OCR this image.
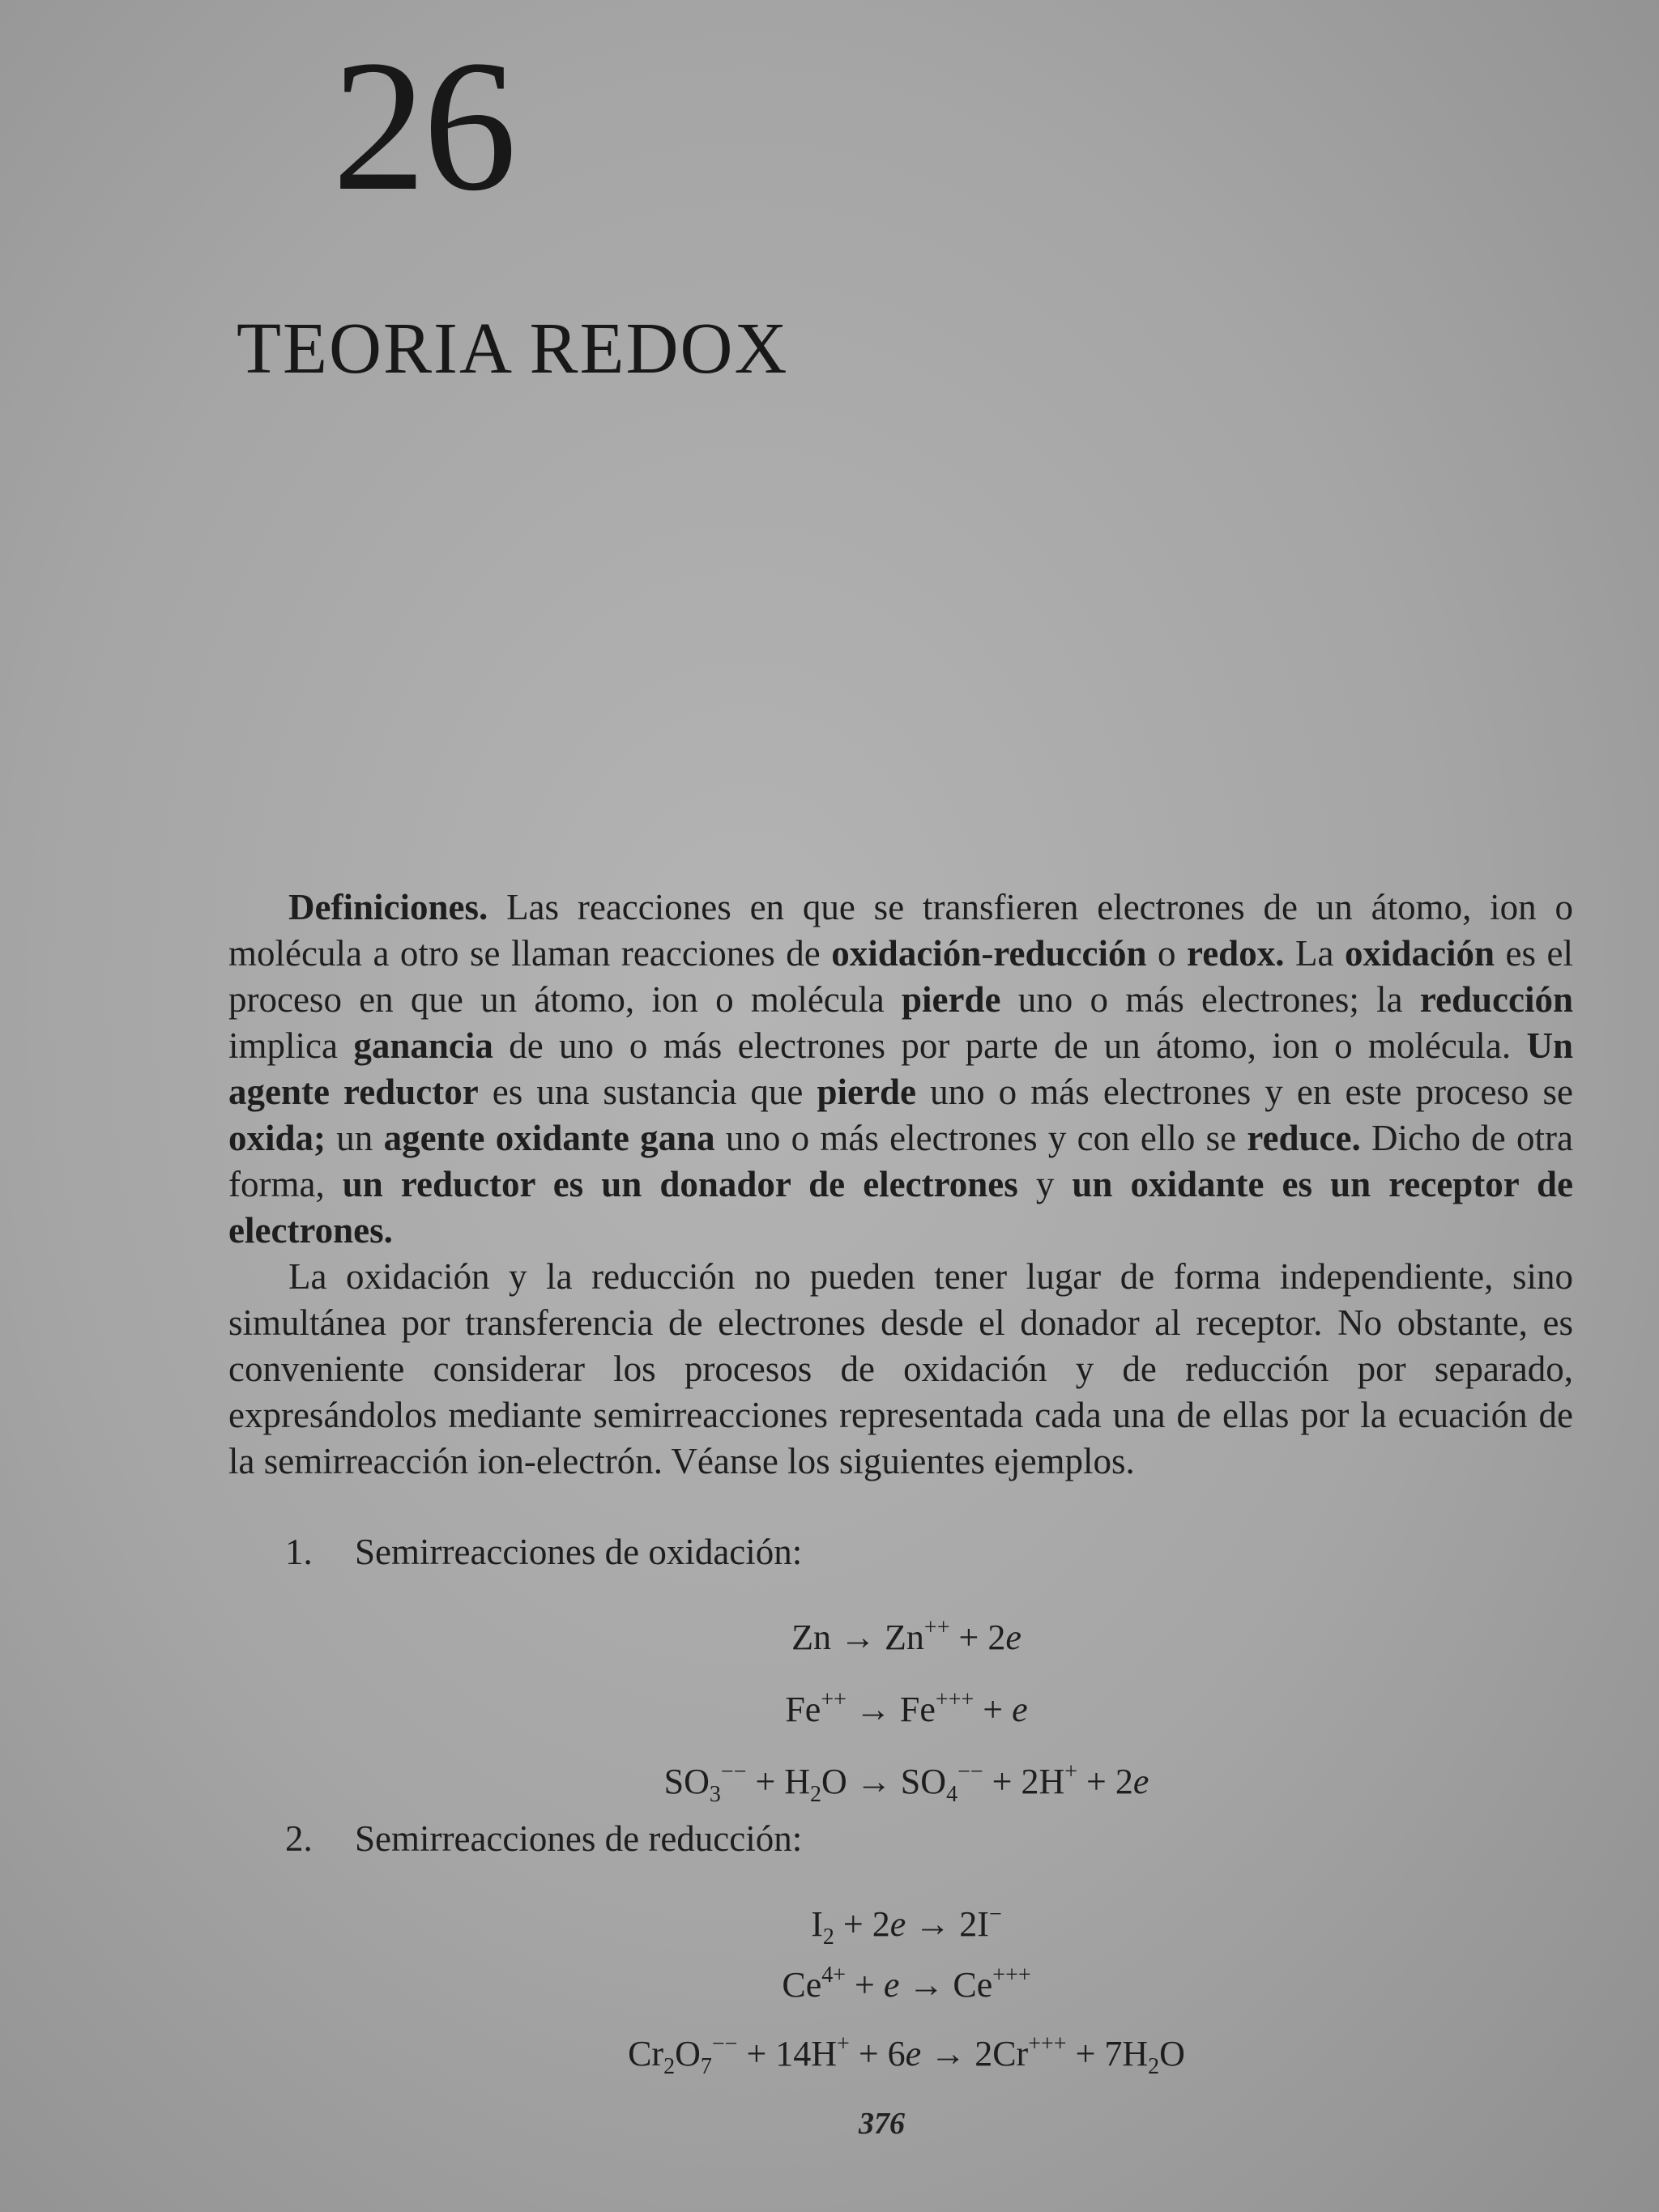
26
TEORIA REDOX

Definiciones. Las reacciones en que se transfieren electrones de un átomo, ion o molécula a otro se llaman reacciones de oxidación-reducción o redox. La oxidación es el proceso en que un átomo, ion o molécula pierde uno o más electrones; la reducción implica ganancia de uno o más electrones por parte de un átomo, ion o molécula. Un agente reductor es una sustancia que pierde uno o más electrones y en este proceso se oxida; un agente oxidante gana uno o más electrones y con ello se reduce. Dicho de otra forma, un reductor es un donador de electrones y un oxidante es un receptor de electrones.

La oxidación y la reducción no pueden tener lugar de forma independiente, sino simultánea por transferencia de electrones desde el donador al receptor. No obstante, es conveniente considerar los procesos de oxidación y de reducción por separado, expresándolos mediante semirreacciones representada cada una de ellas por la ecuación de la semirreacción ion-electrón. Véanse los siguientes ejemplos.

1. Semirreacciones de oxidación:

Zn → Zn++ + 2e

Fe++ → Fe+++ + e

$SO_3^{--} + H_2O \to SO_4^{--} + 2H^+ + 2e$

2. Semirreacciones de reducción:

$I_2 + 2e \to 2I^-$

$Ce^{4+} + e \to Ce^{+++}$

$Cr_2O_7^{--} + 14H^+ + 6e \to 2Cr^{+++} + 7H_2O$

376
